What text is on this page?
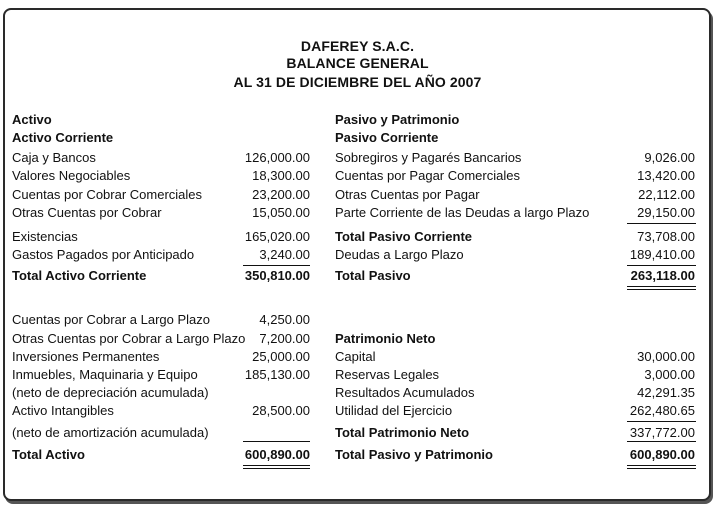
DAFEREY S.A.C.
BALANCE GENERAL
AL 31 DE DICIEMBRE DEL AÑO 2007
Activo
Activo Corriente
Caja y Bancos	126,000.00
Valores Negociables	18,300.00
Cuentas por Cobrar Comerciales	23,200.00
Otras Cuentas por Cobrar	15,050.00
Existencias	165,020.00
Gastos Pagados por Anticipado	3,240.00
Total Activo Corriente	350,810.00
Cuentas por Cobrar a Largo Plazo	4,250.00
Otras Cuentas por Cobrar a Largo Plazo 7,200.00
Inversiones Permanentes	25,000.00
Inmuebles, Maquinaria y Equipo	185,130.00
(neto de depreciación acumulada)
Activo Intangibles	28,500.00
(neto de amortización acumulada)
Total Activo	600,890.00
Pasivo y Patrimonio
Pasivo Corriente
Sobregiros y Pagarés Bancarios	9,026.00
Cuentas por Pagar Comerciales	13,420.00
Otras Cuentas por Pagar	22,112.00
Parte Corriente de las Deudas a largo Plazo	29,150.00
Total Pasivo Corriente	73,708.00
Deudas a Largo Plazo	189,410.00
Total Pasivo	263,118.00
Patrimonio Neto
Capital	30,000.00
Reservas Legales	3,000.00
Resultados Acumulados	42,291.35
Utilidad del Ejercicio	262,480.65
Total Patrimonio Neto	337,772.00
Total Pasivo y Patrimonio	600,890.00
